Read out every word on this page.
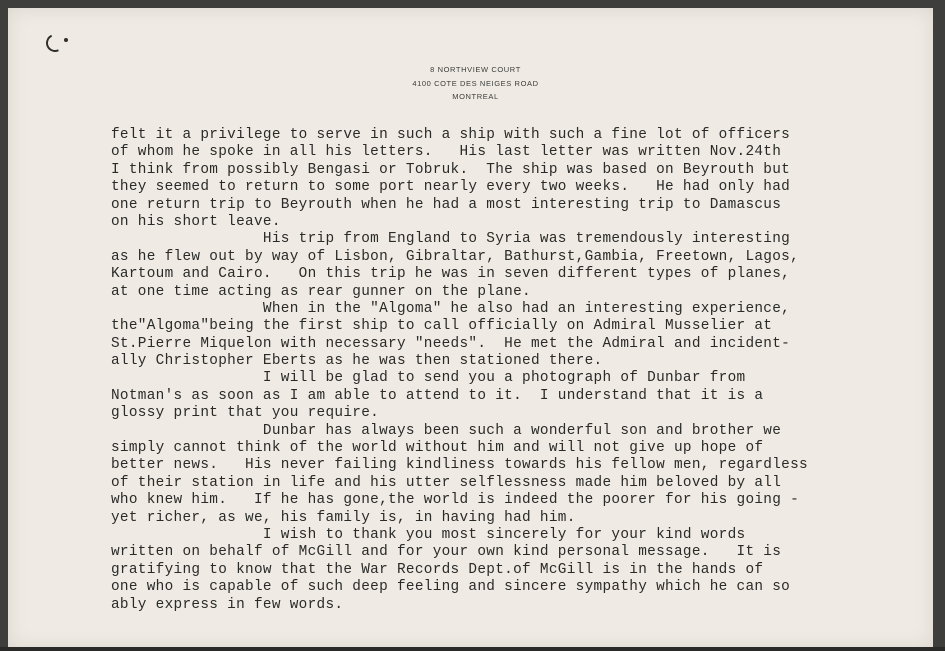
​ 8 NORTHVIEW COURT
4100 COTE DES NEIGES ROAD
MONTREAL
felt it a privilege to serve in such a ship with such a fine lot of officers
of whom he spoke in all his letters.   His last letter was written Nov.24th
I think from possibly Bengasi or Tobruk.  The ship was based on Beyrouth but
they seemed to return to some port nearly every two weeks.   He had only had
one return trip to Beyrouth when he had a most interesting trip to Damascus
on his short leave.
His trip from England to Syria was tremendously interesting
as he flew out by way of Lisbon, Gibraltar, Bathurst,Gambia, Freetown, Lagos,
Kartoum and Cairo.   On this trip he was in seven different types of planes,
at one time acting as rear gunner on the plane.
When in the "Algoma" he also had an interesting experience,
the"Algoma"being the first ship to call officially on Admiral Musselier at
St.Pierre Miquelon with necessary "needs".  He met the Admiral and incident-
ally Christopher Eberts as he was then stationed there.
I will be glad to send you a photograph of Dunbar from
Notman's as soon as I am able to attend to it.  I understand that it is a
glossy print that you require.
Dunbar has always been such a wonderful son and brother we
simply cannot think of the world without him and will not give up hope of
better news.   His never failing kindliness towards his fellow men, regardless
of their station in life and his utter selflessness made him beloved by all
who knew him.   If he has gone,the world is indeed the poorer for his going -
yet richer, as we, his family is, in having had him.
I wish to thank you most sincerely for your kind words
written on behalf of McGill and for your own kind personal message.   It is
gratifying to know that the War Records Dept.of McGill is in the hands of
one who is capable of such deep feeling and sincere sympathy which he can so
ably express in few words.
